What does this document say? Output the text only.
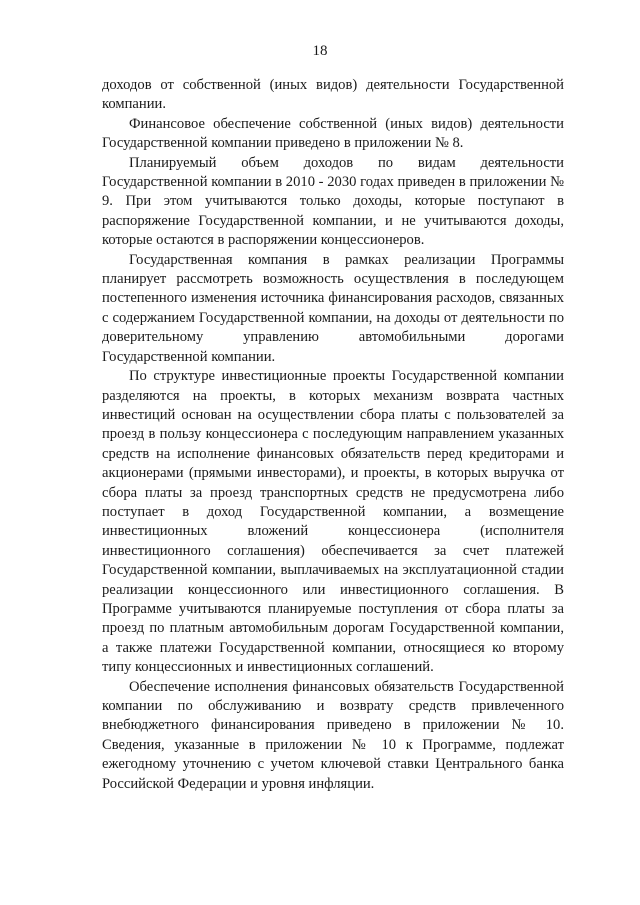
18

доходов от собственной (иных видов) деятельности Государственной компании.

Финансовое обеспечение собственной (иных видов) деятельности Государственной компании приведено в приложении № 8.

Планируемый объем доходов по видам деятельности Государственной компании в 2010 - 2030 годах приведен в приложении № 9. При этом учитываются только доходы, которые поступают в распоряжение Государственной компании, и не учитываются доходы, которые остаются в распоряжении концессионеров.

Государственная компания в рамках реализации Программы планирует рассмотреть возможность осуществления в последующем постепенного изменения источника финансирования расходов, связанных с содержанием Государственной компании, на доходы от деятельности по доверительному управлению автомобильными дорогами Государственной компании.

По структуре инвестиционные проекты Государственной компании разделяются на проекты, в которых механизм возврата частных инвестиций основан на осуществлении сбора платы с пользователей за проезд в пользу концессионера с последующим направлением указанных средств на исполнение финансовых обязательств перед кредиторами и акционерами (прямыми инвесторами), и проекты, в которых выручка от сбора платы за проезд транспортных средств не предусмотрена либо поступает в доход Государственной компании, а возмещение инвестиционных вложений концессионера (исполнителя инвестиционного соглашения) обеспечивается за счет платежей Государственной компании, выплачиваемых на эксплуатационной стадии реализации концессионного или инвестиционного соглашения. В Программе учитываются планируемые поступления от сбора платы за проезд по платным автомобильным дорогам Государственной компании, а также платежи Государственной компании, относящиеся ко второму типу концессионных и инвестиционных соглашений.

Обеспечение исполнения финансовых обязательств Государственной компании по обслуживанию и возврату средств привлеченного внебюджетного финансирования приведено в приложении № 10. Сведения, указанные в приложении № 10 к Программе, подлежат ежегодному уточнению с учетом ключевой ставки Центрального банка Российской Федерации и уровня инфляции.
